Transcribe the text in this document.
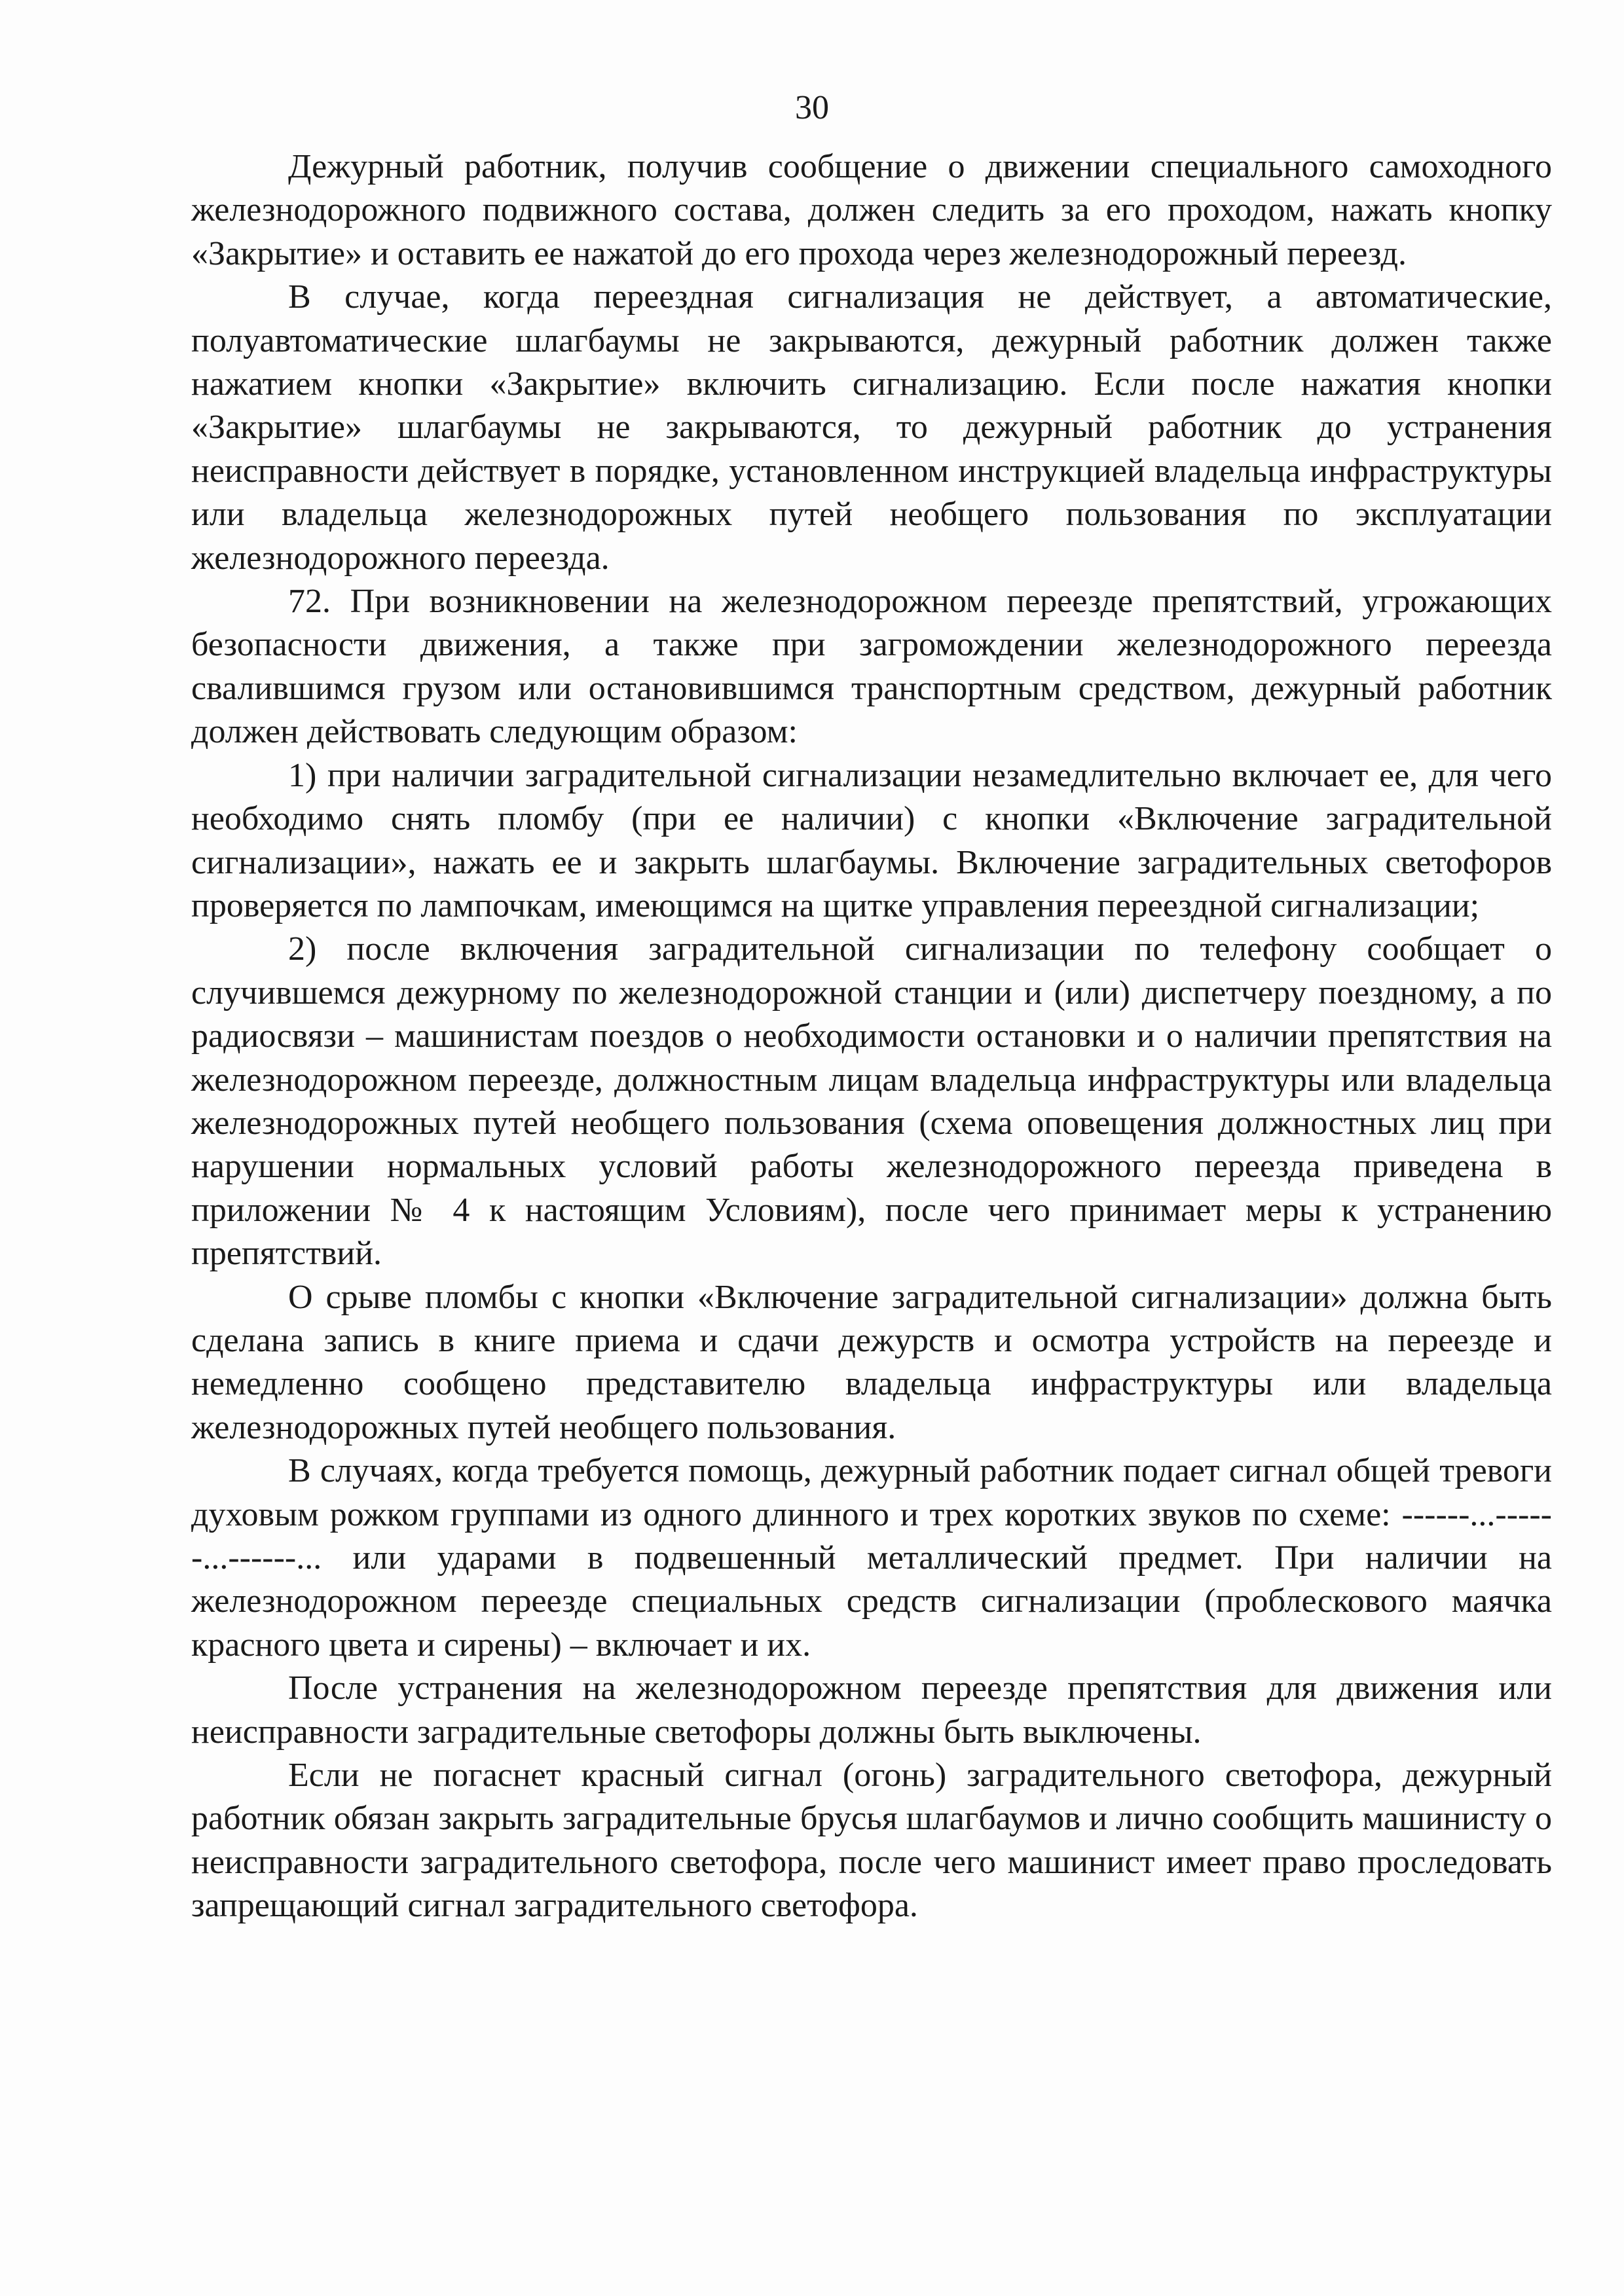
30

Дежурный работник, получив сообщение о движении специального самоходного железнодорожного подвижного состава, должен следить за его проходом, нажать кнопку «Закрытие» и оставить ее нажатой до его прохода через железнодорожный переезд.

В случае, когда переездная сигнализация не действует, а автоматические, полуавтоматические шлагбаумы не закрываются, дежурный работник должен также нажатием кнопки «Закрытие» включить сигнализацию. Если после нажатия кнопки «Закрытие» шлагбаумы не закрываются, то дежурный работник до устранения неисправности действует в порядке, установленном инструкцией владельца инфраструктуры или владельца железнодорожных путей необщего пользования по эксплуатации железнодорожного переезда.

72. При возникновении на железнодорожном переезде препятствий, угрожающих безопасности движения, а также при загромождении железнодорожного переезда свалившимся грузом или остановившимся транспортным средством, дежурный работник должен действовать следующим образом:

1) при наличии заградительной сигнализации незамедлительно включает ее, для чего необходимо снять пломбу (при ее наличии) с кнопки «Включение заградительной сигнализации», нажать ее и закрыть шлагбаумы. Включение заградительных светофоров проверяется по лампочкам, имеющимся на щитке управления переездной сигнализации;

2) после включения заградительной сигнализации по телефону сообщает о случившемся дежурному по железнодорожной станции и (или) диспетчеру поездному, а по радиосвязи – машинистам поездов о необходимости остановки и о наличии препятствия на железнодорожном переезде, должностным лицам владельца инфраструктуры или владельца железнодорожных путей необщего пользования (схема оповещения должностных лиц при нарушении нормальных условий работы железнодорожного переезда приведена в приложении № 4 к настоящим Условиям), после чего принимает меры к устранению препятствий.

О срыве пломбы с кнопки «Включение заградительной сигнализации» должна быть сделана запись в книге приема и сдачи дежурств и осмотра устройств на переезде и немедленно сообщено представителю владельца инфраструктуры или владельца железнодорожных путей необщего пользования.

В случаях, когда требуется помощь, дежурный работник подает сигнал общей тревоги духовым рожком группами из одного длинного и трех коротких звуков по схеме: ------...------...------... или ударами в подвешенный металлический предмет. При наличии на железнодорожном переезде специальных средств сигнализации (проблескового маячка красного цвета и сирены) – включает и их.

После устранения на железнодорожном переезде препятствия для движения или неисправности заградительные светофоры должны быть выключены.

Если не погаснет красный сигнал (огонь) заградительного светофора, дежурный работник обязан закрыть заградительные брусья шлагбаумов и лично сообщить машинисту о неисправности заградительного светофора, после чего машинист имеет право проследовать запрещающий сигнал заградительного светофора.
